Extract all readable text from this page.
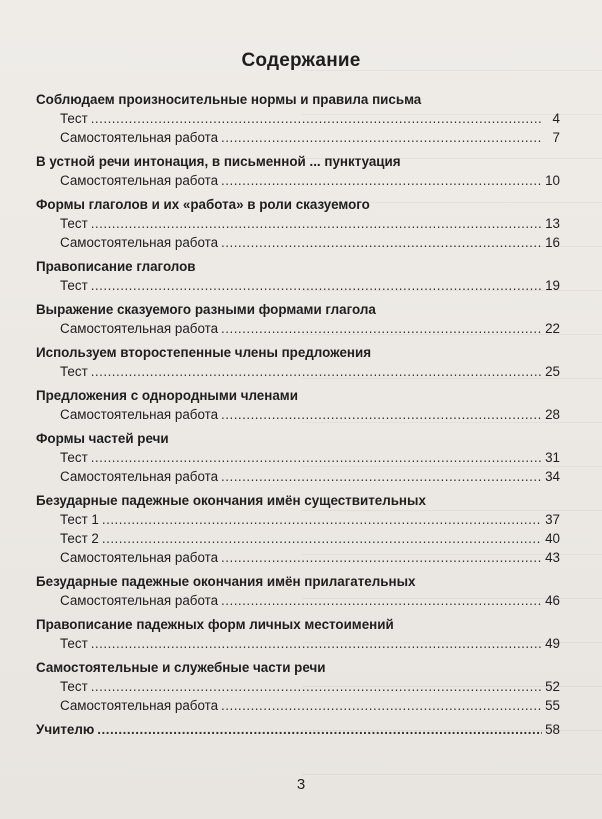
Содержание
Соблюдаем произносительные нормы и правила письма
Тест .....	4
Самостоятельная работа .....	7
В устной речи интонация, в письменной ... пунктуация
Самостоятельная работа .....	10
Формы глаголов и их «работа» в роли сказуемого
Тест .....	13
Самостоятельная работа .....	16
Правописание глаголов
Тест .....	19
Выражение сказуемого разными формами глагола
Самостоятельная работа .....	22
Используем второстепенные члены предложения
Тест .....	25
Предложения с однородными членами
Самостоятельная работа .....	28
Формы частей речи
Тест .....	31
Самостоятельная работа .....	34
Безударные падежные окончания имён существительных
Тест 1 .....	37
Тест 2 .....	40
Самостоятельная работа .....	43
Безударные падежные окончания имён прилагательных
Самостоятельная работа .....	46
Правописание падежных форм личных местоимений
Тест .....	49
Самостоятельные и служебные части речи
Тест .....	52
Самостоятельная работа .....	55
Учителю .....	58
3
